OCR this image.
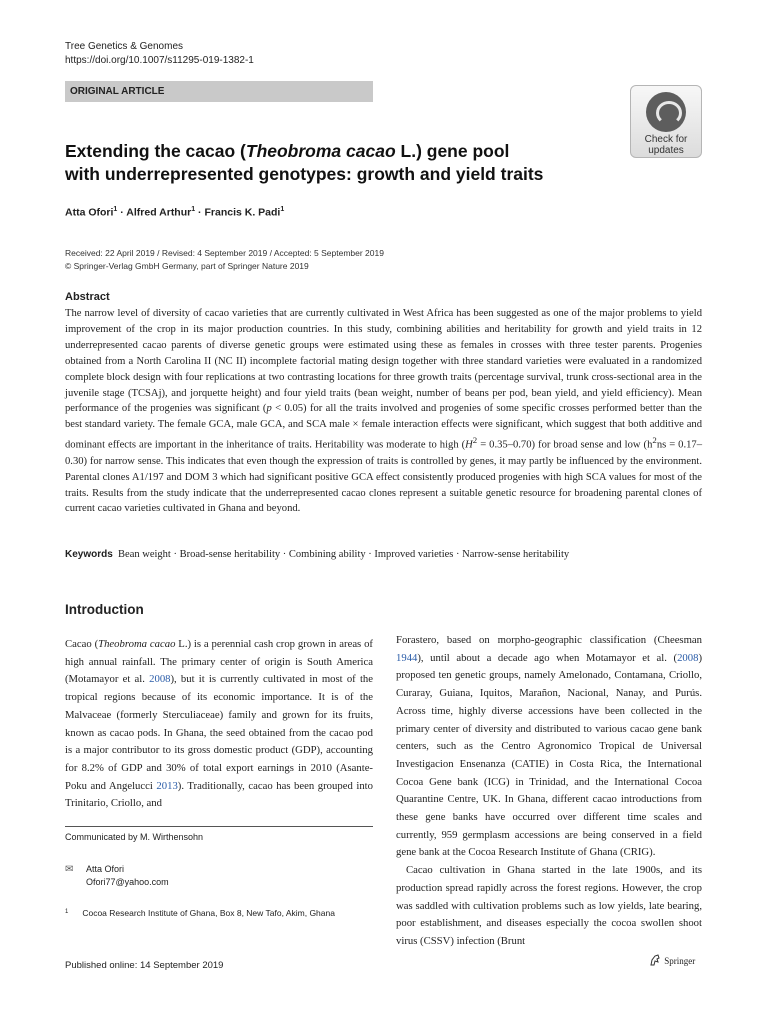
Tree Genetics & Genomes
https://doi.org/10.1007/s11295-019-1382-1
ORIGINAL ARTICLE
Check for
updates
Extending the cacao (Theobroma cacao L.) gene pool
with underrepresented genotypes: growth and yield traits
Atta Ofori$^1$ · Alfred Arthur$^1$ · Francis K. Padi$^1$
Received: 22 April 2019 / Revised: 4 September 2019 / Accepted: 5 September 2019
© Springer-Verlag GmbH Germany, part of Springer Nature 2019
Abstract
The narrow level of diversity of cacao varieties that are currently cultivated in West Africa has been suggested as one of the major problems to yield improvement of the crop in its major production countries. In this study, combining abilities and heritability for growth and yield traits in 12 underrepresented cacao parents of diverse genetic groups were estimated using these as females in crosses with three tester parents. Progenies obtained from a North Carolina II (NC II) incomplete factorial mating design together with three standard varieties were evaluated in a randomized complete block design with four replications at two contrasting locations for three growth traits (percentage survival, trunk cross-sectional area in the juvenile stage (TCSAj), and jorquette height) and four yield traits (bean weight, number of beans per pod, bean yield, and yield efficiency). Mean performance of the progenies was significant (p < 0.05) for all the traits involved and progenies of some specific crosses performed better than the best standard variety. The female GCA, male GCA, and SCA male × female interaction effects were significant, which suggest that both additive and dominant effects are important in the inheritance of traits. Heritability was moderate to high $(H^2 = 0.35-0.70)$ for broad sense and low $(h^2ns = 0.17-0.30)$ for narrow sense. This indicates that even though the expression of traits is controlled by genes, it may partly be influenced by the environment. Parental clones A1/197 and DOM 3 which had significant positive GCA effect consistently produced progenies with high SCA values for most of the traits. Results from the study indicate that the underrepresented cacao clones represent a suitable genetic resource for broadening parental clones of current cacao varieties cultivated in Ghana and beyond.
Keywords Bean weight · Broad-sense heritability · Combining ability · Improved varieties · Narrow-sense heritability
Introduction
Cacao (Theobroma cacao L.) is a perennial cash crop grown in areas of high annual rainfall. The primary center of origin is South America (Motamayor et al. 2008), but it is currently cultivated in most of the tropical regions because of its economic importance. It is of the Malvaceae (formerly Sterculiaceae) family and grown for its fruits, known as cacao pods. In Ghana, the seed obtained from the cacao pod is a major contributor to its gross domestic product (GDP), accounting for 8.2% of GDP and 30% of total export earnings in 2010 (Asante-Poku and Angelucci 2013). Traditionally, cacao has been grouped into Trinitario, Criollo, and

Forastero, based on morpho-geographic classification (Cheesman 1944), until about a decade ago when Motamayor et al. (2008) proposed ten genetic groups, namely Amelonado, Contamana, Criollo, Curaray, Guiana, Iquitos, Marañon, Nacional, Nanay, and Purús. Across time, highly diverse accessions have been collected in the primary center of diversity and distributed to various cacao gene bank centers, such as the Centro Agronomico Tropical de Universal Investigacion Ensenanza (CATIE) in Costa Rica, the International Cocoa Gene bank (ICG) in Trinidad, and the International Cocoa Quarantine Centre, UK. In Ghana, different cacao introductions from these gene banks have occurred over different time scales and currently, 959 germplasm accessions are being conserved in a field gene bank at the Cocoa Research Institute of Ghana (CRIG).

Cacao cultivation in Ghana started in the late 1900s, and its production spread rapidly across the forest regions. However, the crop was saddled with cultivation problems such as low yields, late bearing, poor establishment, and diseases especially the cocoa swollen shoot virus (CSSV) infection (Brunt

Communicated by M. Wirthensohn
✉ Atta Ofori
Ofori77@yahoo.com
$^1$ Cocoa Research Institute of Ghana, Box 8, New Tafo, Akim, Ghana
Published online: 14 September 2019	Springer
